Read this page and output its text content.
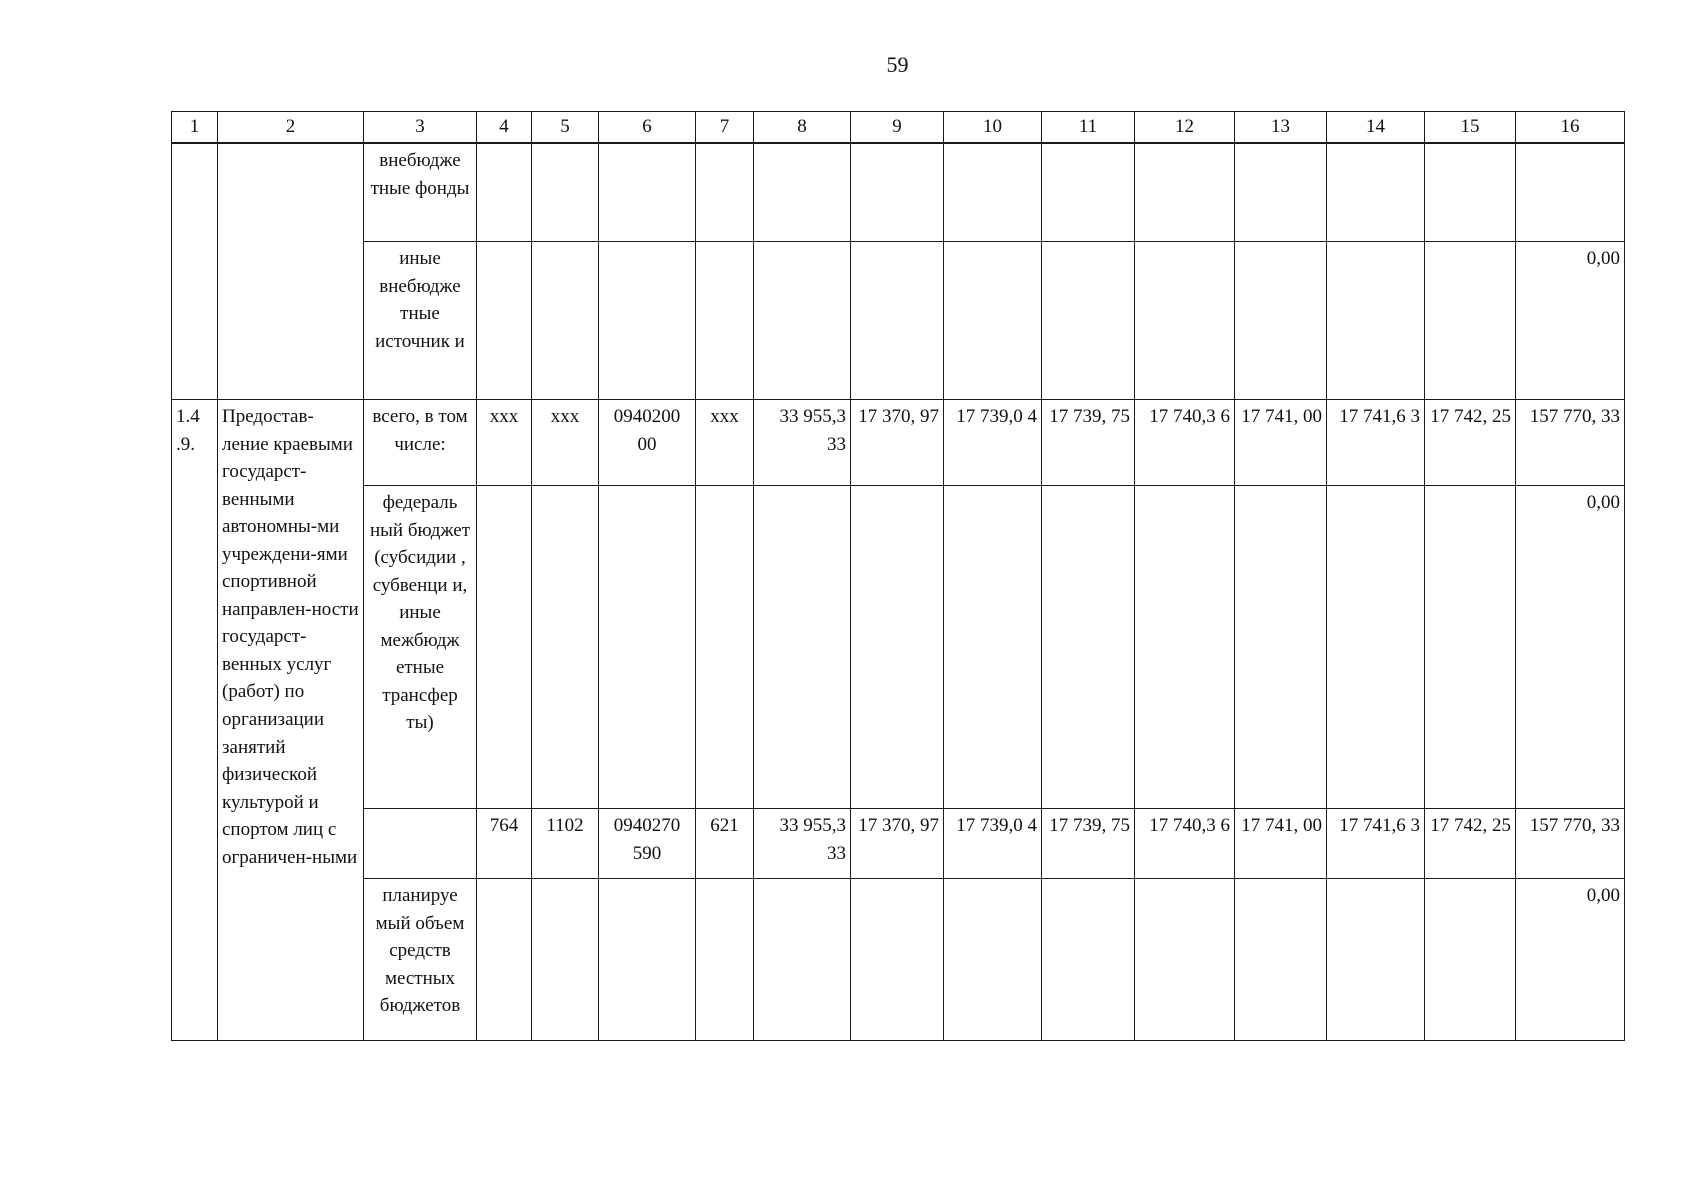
59
1	2	3	4	5	6	7	8	9	10	11	12	13	14	15	16
		внебюдже тные фонды													
		иные внебюдже тные источник и													0,00
1.4 .9.	Предостав-ление краевыми государст-венными автономны-ми учреждени-ями спортивной направлен-ности государст-венных услуг (работ) по организации занятий физической культурой и спортом лиц с ограничен-ными	всего, в том числе:	ххх	ххх	0940200 00	ххх	33 955,3 33	17 370, 97	17 739,0 4	17 739, 75	17 740,3 6	17 741, 00	17 741,6 3	17 742, 25	157 770, 33
		федераль ный бюджет (субсидии , субвенци и, иные межбюдж етные трансфер ты)													0,00
			764	1102	0940270 590	621	33 955,3 33	17 370, 97	17 739,0 4	17 739, 75	17 740,3 6	17 741, 00	17 741,6 3	17 742, 25	157 770, 33
		планируе мый объем средств местных бюджетов													0,00
